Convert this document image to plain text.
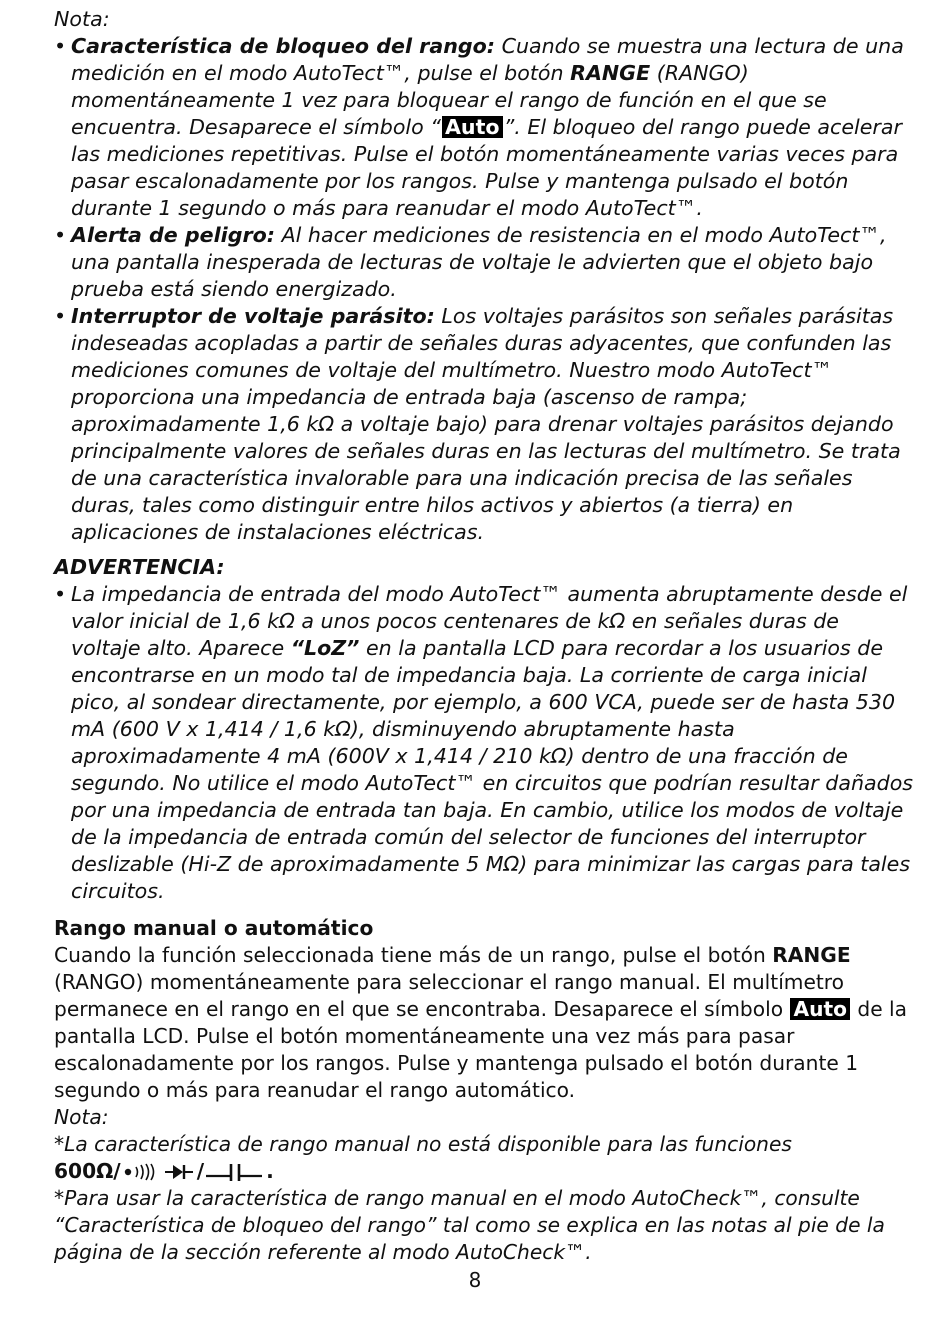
Nota:

• Característica de bloqueo del rango: Cuando se muestra una lectura de una medición en el modo AutoTect™, pulse el botón RANGE (RANGO) momentáneamente 1 vez para bloquear el rango de función en el que se encuentra. Desaparece el símbolo “ Auto ”. El bloqueo del rango puede acelerar las mediciones repetitivas. Pulse el botón momentáneamente varias veces para pasar escalonadamente por los rangos. Pulse y mantenga pulsado el botón durante 1 segundo o más para reanudar el modo AutoTect™.

• Alerta de peligro: Al hacer mediciones de resistencia en el modo AutoTect™, una pantalla inesperada de lecturas de voltaje le advierten que el objeto bajo prueba está siendo energizado.

• Interruptor de voltaje parásito: Los voltajes parásitos son señales parásitas indeseadas acopladas a partir de señales duras adyacentes, que confunden las mediciones comunes de voltaje del multímetro. Nuestro modo AutoTect™ proporciona una impedancia de entrada baja (ascenso de rampa; aproximadamente 1,6 kΩ a voltaje bajo) para drenar voltajes parásitos dejando principalmente valores de señales duras en las lecturas del multímetro. Se trata de una característica invalorable para una indicación precisa de las señales duras, tales como distinguir entre hilos activos y abiertos (a tierra) en aplicaciones de instalaciones eléctricas.

ADVERTENCIA:

• La impedancia de entrada del modo AutoTect™ aumenta abruptamente desde el valor inicial de 1,6 kΩ a unos pocos centenares de kΩ en señales duras de voltaje alto. Aparece “LoZ” en la pantalla LCD para recordar a los usuarios de encontrarse en un modo tal de impedancia baja. La corriente de carga inicial pico, al sondear directamente, por ejemplo, a 600 VCA, puede ser de hasta 530 mA (600 V x 1,414 / 1,6 kΩ), disminuyendo abruptamente hasta aproximadamente 4 mA (600V x 1,414 / 210 kΩ) dentro de una fracción de segundo. No utilice el modo AutoTect™ en circuitos que podrían resultar dañados por una impedancia de entrada tan baja. En cambio, utilice los modos de voltaje de la impedancia de entrada común del selector de funciones del interruptor deslizable (Hi-Z de aproximadamente 5 MΩ) para minimizar las cargas para tales circuitos.

Rango manual o automático

Cuando la función seleccionada tiene más de un rango, pulse el botón RANGE (RANGO) momentáneamente para seleccionar el rango manual. El multímetro permanece en el rango en el que se encontraba. Desaparece el símbolo Auto de la pantalla LCD. Pulse el botón momentáneamente una vez más para pasar escalonadamente por los rangos. Pulse y mantenga pulsado el botón durante 1 segundo o más para reanudar el rango automático.

Nota:

*La característica de rango manual no está disponible para las funciones

600Ω/	/	.

*Para usar la característica de rango manual en el modo AutoCheck™, consulte “Característica de bloqueo del rango” tal como se explica en las notas al pie de la página de la sección referente al modo AutoCheck™.

8
